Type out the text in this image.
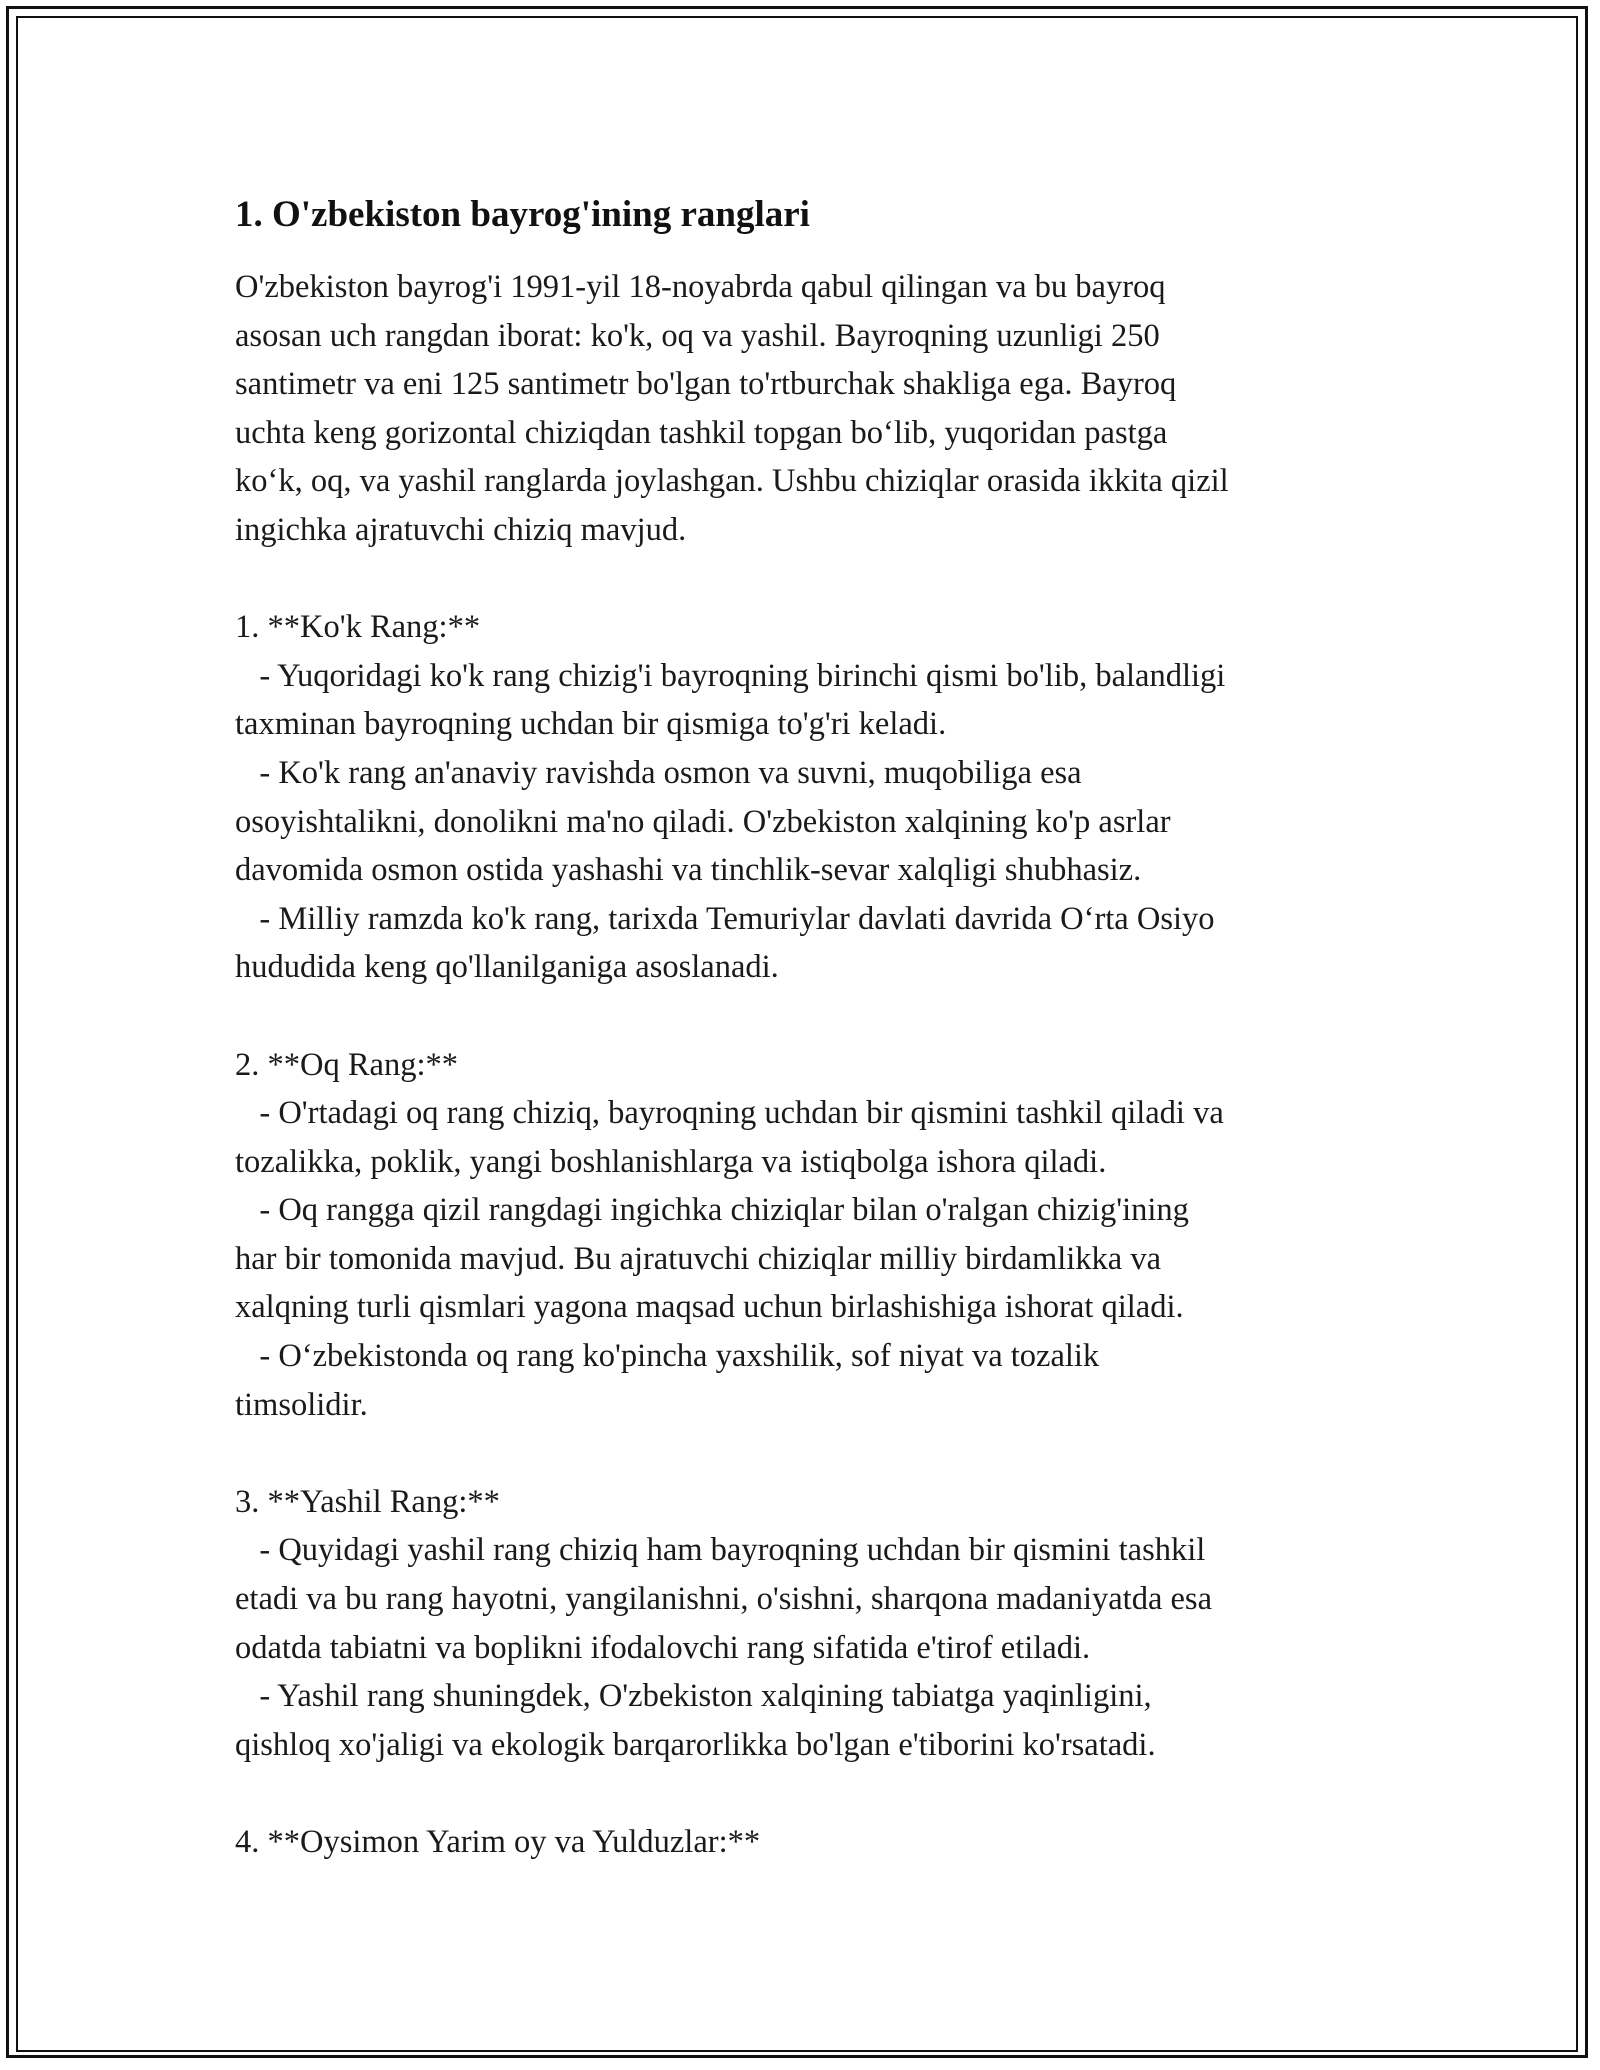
1. O'zbekiston bayrog'ining ranglari
O'zbekiston bayrog'i 1991-yil 18-noyabrda qabul qilingan va bu bayroq
asosan uch rangdan iborat: ko'k, oq va yashil. Bayroqning uzunligi 250
santimetr va eni 125 santimetr bo'lgan to'rtburchak shakliga ega. Bayroq
uchta keng gorizontal chiziqdan tashkil topgan bo‘lib, yuqoridan pastga
ko‘k, oq, va yashil ranglarda joylashgan. Ushbu chiziqlar orasida ikkita qizil
ingichka ajratuvchi chiziq mavjud.

1. **Ko'k Rang:**
- Yuqoridagi ko'k rang chizig'i bayroqning birinchi qismi bo'lib, balandligi
taxminan bayroqning uchdan bir qismiga to'g'ri keladi.
- Ko'k rang an'anaviy ravishda osmon va suvni, muqobiliga esa
osoyishtalikni, donolikni ma'no qiladi. O'zbekiston xalqining ko'p asrlar
davomida osmon ostida yashashi va tinchlik-sevar xalqligi shubhasiz.
- Milliy ramzda ko'k rang, tarixda Temuriylar davlati davrida O‘rta Osiyo
hududida keng qo'llanilganiga asoslanadi.

2. **Oq Rang:**
- O'rtadagi oq rang chiziq, bayroqning uchdan bir qismini tashkil qiladi va
tozalikka, poklik, yangi boshlanishlarga va istiqbolga ishora qiladi.
- Oq rangga qizil rangdagi ingichka chiziqlar bilan o'ralgan chizig'ining
har bir tomonida mavjud. Bu ajratuvchi chiziqlar milliy birdamlikka va
xalqning turli qismlari yagona maqsad uchun birlashishiga ishorat qiladi.
- O‘zbekistonda oq rang ko'pincha yaxshilik, sof niyat va tozalik
timsolidir.

3. **Yashil Rang:**
- Quyidagi yashil rang chiziq ham bayroqning uchdan bir qismini tashkil
etadi va bu rang hayotni, yangilanishni, o'sishni, sharqona madaniyatda esa
odatda tabiatni va boplikni ifodalovchi rang sifatida e'tirof etiladi.
- Yashil rang shuningdek, O'zbekiston xalqining tabiatga yaqinligini,
qishloq xo'jaligi va ekologik barqarorlikka bo'lgan e'tiborini ko'rsatadi.

4. **Oysimon Yarim oy va Yulduzlar:**
